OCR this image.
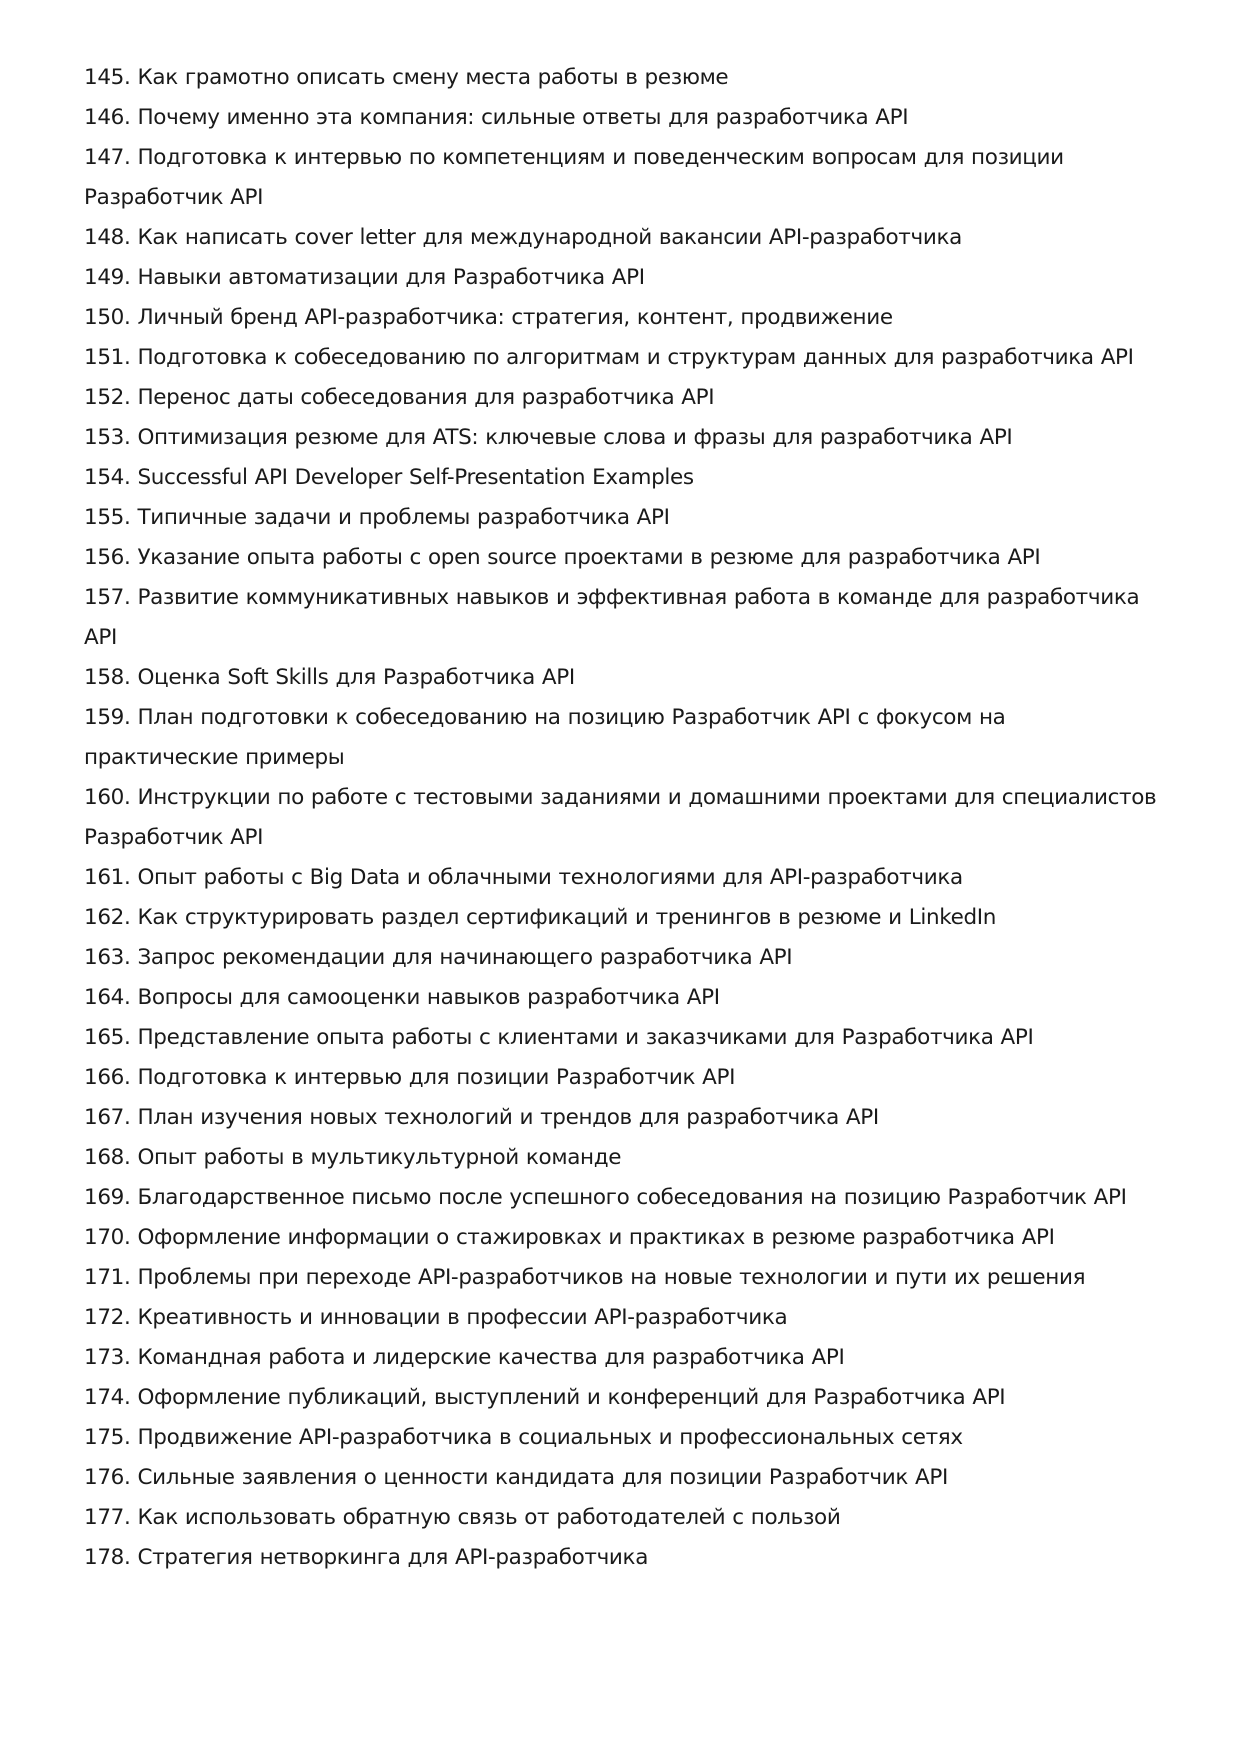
145. Как грамотно описать смену места работы в резюме

146. Почему именно эта компания: сильные ответы для разработчика API

147. Подготовка к интервью по компетенциям и поведенческим вопросам для позиции Разработчик API

148. Как написать cover letter для международной вакансии API-разработчика

149. Навыки автоматизации для Разработчика API

150. Личный бренд API-разработчика: стратегия, контент, продвижение

151. Подготовка к собеседованию по алгоритмам и структурам данных для разработчика API

152. Перенос даты собеседования для разработчика API

153. Оптимизация резюме для ATS: ключевые слова и фразы для разработчика API

154. Successful API Developer Self-Presentation Examples

155. Типичные задачи и проблемы разработчика API

156. Указание опыта работы с open source проектами в резюме для разработчика API

157. Развитие коммуникативных навыков и эффективная работа в команде для разработчика API

158. Оценка Soft Skills для Разработчика API

159. План подготовки к собеседованию на позицию Разработчик API с фокусом на практические примеры

160. Инструкции по работе с тестовыми заданиями и домашними проектами для специалистов Разработчик API

161. Опыт работы с Big Data и облачными технологиями для API-разработчика

162. Как структурировать раздел сертификаций и тренингов в резюме и LinkedIn

163. Запрос рекомендации для начинающего разработчика API

164. Вопросы для самооценки навыков разработчика API

165. Представление опыта работы с клиентами и заказчиками для Разработчика API

166. Подготовка к интервью для позиции Разработчик API

167. План изучения новых технологий и трендов для разработчика API

168. Опыт работы в мультикультурной команде

169. Благодарственное письмо после успешного собеседования на позицию Разработчик API

170. Оформление информации о стажировках и практиках в резюме разработчика API

171. Проблемы при переходе API-разработчиков на новые технологии и пути их решения

172. Креативность и инновации в профессии API-разработчика

173. Командная работа и лидерские качества для разработчика API

174. Оформление публикаций, выступлений и конференций для Разработчика API

175. Продвижение API-разработчика в социальных и профессиональных сетях

176. Сильные заявления о ценности кандидата для позиции Разработчик API

177. Как использовать обратную связь от работодателей с пользой

178. Стратегия нетворкинга для API-разработчика
